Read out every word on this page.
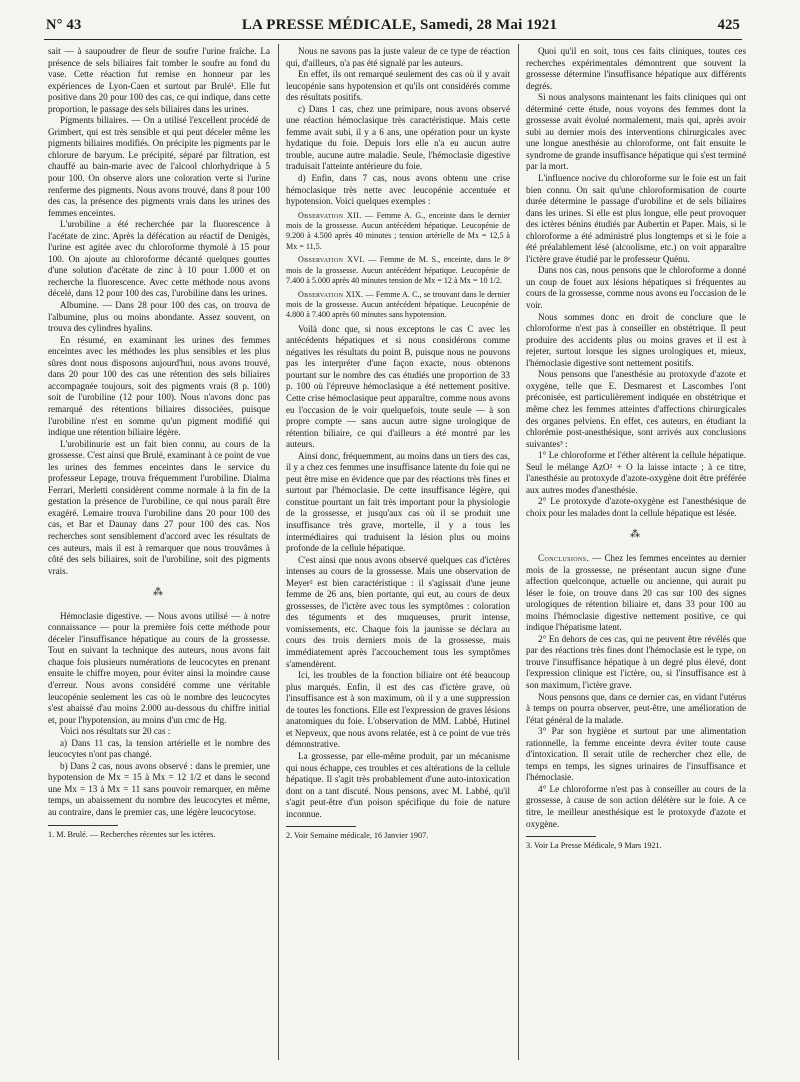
N° 43	LA PRESSE MÉDICALE, Samedi, 28 Mai 1921	425

sait — à saupoudrer de fleur de soufre l'urine fraîche. La présence de sels biliaires fait tomber le soufre au fond du vase. Cette réaction fut remise en honneur par les expériences de Lyon-Caen et surtout par Brulé¹. Elle fut positive dans 20 pour 100 des cas, ce qui indique, dans cette proportion, le passage des sels biliaires dans les urines.

Pigments biliaires. — On a utilisé l'excellent procédé de Grimbert, qui est très sensible et qui peut déceler même les pigments biliaires modifiés. On précipite les pigments par le chlorure de baryum. Le précipité, séparé par filtration, est chauffé au bain-marie avec de l'alcool chlorhydrique à 5 pour 100. On observe alors une coloration verte si l'urine renferme des pigments. Nous avons trouvé, dans 8 pour 100 des cas, la présence des pigments vrais dans les urines des femmes enceintes.

L'urobiline a été recherchée par la fluorescence à l'acétate de zinc. Après la défécation au réactif de Denigès, l'urine est agitée avec du chloroforme thymolé à 15 pour 100. On ajoute au chloroforme décanté quelques gouttes d'une solution d'acétate de zinc à 10 pour 1.000 et on recherche la fluorescence. Avec cette méthode nous avons décelé, dans 12 pour 100 des cas, l'urobiline dans les urines.

Albumine. — Dans 28 pour 100 des cas, on trouva de l'albumine, plus ou moins abondante. Assez souvent, on trouva des cylindres hyalins.

En résumé, en examinant les urines des femmes enceintes avec les méthodes les plus sensibles et les plus sûres dont nous disposons aujourd'hui, nous avons trouvé, dans 20 pour 100 des cas une rétention des sels biliaires accompagnée toujours, soit des pigments vrais (8 p. 100) soit de l'urobiline (12 pour 100). Nous n'avons donc pas remarqué des rétentions biliaires dissociées, puisque l'urobiline n'est en somme qu'un pigment modifié qui indique une rétention biliaire légère.

L'urobilinurie est un fait bien connu, au cours de la grossesse. C'est ainsi que Brulé, examinant à ce point de vue les urines des femmes enceintes dans le service du professeur Lepage, trouva fréquemment l'urobiline. Dialma Ferrari, Merletti considèrent comme normale à la fin de la gestation la présence de l'urobiline, ce qui nous paraît être exagéré. Lemaire trouva l'urobiline dans 20 pour 100 des cas, et Bar et Daunay dans 27 pour 100 des cas. Nos recherches sont sensiblement d'accord avec les résultats de ces auteurs, mais il est à remarquer que nous trouvâmes à côté des sels biliaires, soit de l'urobiline, soit des pigments vrais.

⁂

Hémoclasie digestive. — Nous avons utilisé — à notre connaissance — pour la première fois cette méthode pour déceler l'insuffisance hépatique au cours de la grossesse. Tout en suivant la technique des auteurs, nous avons fait chaque fois plusieurs numérations de leucocytes en prenant ensuite le chiffre moyen, pour éviter ainsi la moindre cause d'erreur. Nous avons considéré comme une véritable leucopénie seulement les cas où le nombre des leucocytes s'est abaissé d'au moins 2.000 au-dessous du chiffre initial et, pour l'hypotension, au moins d'un cmc de Hg.

Voici nos résultats sur 20 cas :

a) Dans 11 cas, la tension artérielle et le nombre des leucocytes n'ont pas changé.

b) Dans 2 cas, nous avons observé : dans le premier, une hypotension de Mx = 15 à Mx = 12 1/2 et dans le second une Mx = 13 à Mx = 11 sans pouvoir remarquer, en même temps, un abaissement du nombre des leucocytes et même, au contraire, dans le premier cas, une légère leucocytose.

1. M. Brulé. — Recherches récentes sur les ictères.

Nous ne savons pas la juste valeur de ce type de réaction qui, d'ailleurs, n'a pas été signalé par les auteurs.

En effet, ils ont remarqué seulement des cas où il y avait leucopénie sans hypotension et qu'ils ont considérés comme des résultats positifs.

c) Dans 1 cas, chez une primipare, nous avons observé une réaction hémoclasique très caractéristique. Mais cette femme avait subi, il y a 6 ans, une opération pour un kyste hydatique du foie. Depuis lors elle n'a eu aucun autre trouble, aucune autre maladie. Seule, l'hémoclasie digestive traduisait l'atteinte antérieure du foie.

d) Enfin, dans 7 cas, nous avons obtenu une crise hémoclasique très nette avec leucopénie accentuée et hypotension. Voici quelques exemples :

Observation XII. — Femme A. G., enceinte dans le dernier mois de la grossesse. Aucun antécédent hépatique. Leucopénie de 9.200 à 4.500 après 40 minutes ; tension artérielle de Mx = 12,5 à Mx = 11,5.

Observation XVI. — Femme de M. S., enceinte, dans le 8ᵉ mois de la grossesse. Aucun antécédent hépatique. Leucopénie de 7.400 à 5.000 après 40 minutes tension de Mx = 12 à Mx = 10 1/2.

Observation XIX. — Femme A. C., se trouvant dans le dernier mois de la grossesse. Aucun antécédent hépatique. Leucopénie de 4.800 à 7.400 après 60 minutes sans hypotension.

Voilà donc que, si nous exceptons le cas C avec les antécédents hépatiques et si nous considérons comme négatives les résultats du point B, puisque nous ne pouvons pas les interpréter d'une façon exacte, nous obtenons pourtant sur le nombre des cas étudiés une proportion de 33 p. 100 où l'épreuve hémoclasique a été nettement positive. Cette crise hémoclasique peut apparaître, comme nous avons eu l'occasion de le voir quelquefois, toute seule — à son propre compte — sans aucun autre signe urologique de rétention biliaire, ce qui d'ailleurs a été montré par les auteurs.

Ainsi donc, fréquemment, au moins dans un tiers des cas, il y a chez ces femmes une insuffisance latente du foie qui ne peut être mise en évidence que par des réactions très fines et surtout par l'hémoclasie. De cette insuffisance légère, qui constitue pourtant un fait très important pour la physiologie de la grossesse, et jusqu'aux cas où il se produit une insuffisance très grave, mortelle, il y a tous les intermédiaires qui traduisent la lésion plus ou moins profonde de la cellule hépatique.

C'est ainsi que nous avons observé quelques cas d'ictères intenses au cours de la grossesse. Mais une observation de Meyer² est bien caractéristique : il s'agissait d'une jeune femme de 26 ans, bien portante, qui eut, au cours de deux grossesses, de l'ictère avec tous les symptômes : coloration des téguments et des muqueuses, prurit intense, vomissements, etc. Chaque fois la jaunisse se déclara au cours des trois derniers mois de la grossesse, mais immédiatement après l'accouchement tous les symptômes s'amendèrent.

Ici, les troubles de la fonction biliaire ont été beaucoup plus marqués. Enfin, il est des cas d'ictère grave, où l'insuffisance est à son maximum, où il y a une suppression de toutes les fonctions. Elle est l'expression de graves lésions anatomiques du foie. L'observation de MM. Labbé, Hutinel et Nepveux, que nous avons relatée, est à ce point de vue très démonstrative.

La grossesse, par elle-même produit, par un mécanisme qui nous échappe, ces troubles et ces altérations de la cellule hépatique. Il s'agit très probablement d'une auto-intoxication dont on a tant discuté. Nous pensons, avec M. Labbé, qu'il s'agit peut-être d'un poison spécifique du foie de nature inconnue.

2. Voir Semaine médicale, 16 Janvier 1907.

Quoi qu'il en soit, tous ces faits cliniques, toutes ces recherches expérimentales démontrent que souvent la grossesse détermine l'insuffisance hépatique aux différents degrés.

Si nous analysons maintenant les faits cliniques qui ont déterminé cette étude, nous voyons des femmes dont la grossesse avait évolué normalement, mais qui, après avoir subi au dernier mois des interventions chirurgicales avec une longue anesthésie au chloroforme, ont fait ensuite le syndrome de grande insuffisance hépatique qui s'est terminé par la mort.

L'influence nocive du chloroforme sur le foie est un fait bien connu. On sait qu'une chloroformisation de courte durée détermine le passage d'urobiline et de sels biliaires dans les urines. Si elle est plus longue, elle peut provoquer des ictères bénins étudiés par Aubertin et Paper. Mais, si le chloroforme a été administré plus longtemps et si le foie a été préalablement lésé (alcoolisme, etc.) on voit apparaître l'ictère grave étudié par le professeur Quénu.

Dans nos cas, nous pensons que le chloroforme a donné un coup de fouet aux lésions hépatiques si fréquentes au cours de la grossesse, comme nous avons eu l'occasion de le voir.

Nous sommes donc en droit de conclure que le chloroforme n'est pas à conseiller en obstétrique. Il peut produire des accidents plus ou moins graves et il est à rejeter, surtout lorsque les signes urologiques et, mieux, l'hémoclasie digestive sont nettement positifs.

Nous pensons que l'anesthésie au protoxyde d'azote et oxygène, telle que E. Desmarest et Lascombes l'ont préconisée, est particulièrement indiquée en obstétrique et même chez les femmes atteintes d'affections chirurgicales des organes pelviens. En effet, ces auteurs, en étudiant la chlorémie post-anesthésique, sont arrivés aux conclusions suivantes³ :

1° Le chloroforme et l'éther altèrent la cellule hépatique. Seul le mélange AzO² + O la laisse intacte ; à ce titre, l'anesthésie au protoxyde d'azote-oxygène doit être préférée aux autres modes d'anesthésie.

2° Le protoxyde d'azote-oxygène est l'anesthésique de choix pour les malades dont la cellule hépatique est lésée.

⁂

Conclusions. — Chez les femmes enceintes au dernier mois de la grossesse, ne présentant aucun signe d'une affection quelconque, actuelle ou ancienne, qui aurait pu léser le foie, on trouve dans 20 cas sur 100 des signes urologiques de rétention biliaire et, dans 33 pour 100 au moins l'hémoclasie digestive nettement positive, ce qui indique l'hépatisme latent.

2° En dehors de ces cas, qui ne peuvent être révélés que par des réactions très fines dont l'hémoclasie est le type, on trouve l'insuffisance hépatique à un degré plus élevé, dont l'expression clinique est l'ictère, ou, si l'insuffisance est à son maximum, l'ictère grave.

Nous pensons que, dans ce dernier cas, en vidant l'utérus à temps on pourra observer, peut-être, une amélioration de l'état général de la malade.

3° Par son hygiène et surtout par une alimentation rationnelle, la femme enceinte devra éviter toute cause d'intoxication. Il serait utile de rechercher chez elle, de temps en temps, les signes urinaires de l'insuffisance et l'hémoclasie.

4° Le chloroforme n'est pas à conseiller au cours de la grossesse, à cause de son action délétère sur le foie. A ce titre, le meilleur anesthésique est le protoxyde d'azote et oxygène.

3. Voir La Presse Médicale, 9 Mars 1921.
